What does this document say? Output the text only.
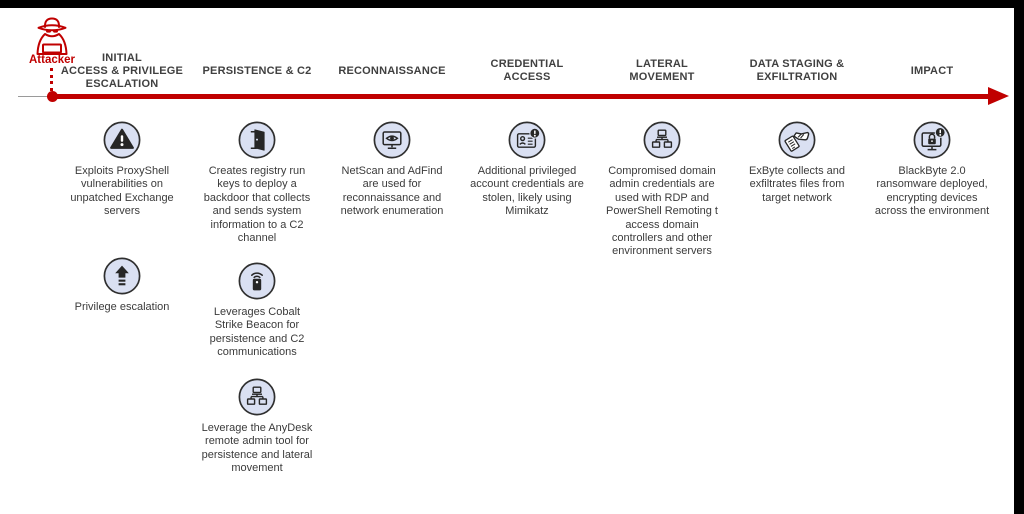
Attacker	INITIAL
ACCESS & PRIVILEGE
ESCALATION
PERSISTENCE & C2 RECONNAISSANCE
CREDENTIAL
ACCESS
LATERAL
MOVEMENT
DATA STAGING &
EXFILTRATION
IMPACT
Exploits ProxyShell vulnerabilities on unpatched Exchange servers
Privilege escalation
Creates registry run keys to deploy a backdoor that collects and sends system information to a C2 channel
Leverages Cobalt Strike Beacon for persistence and C2 communications
Leverage the AnyDesk remote admin tool for persistence and lateral movement
NetScan and AdFind are used for reconnaissance and network enumeration
Additional privileged account credentials are stolen, likely using Mimikatz
Compromised domain admin credentials are used with RDP and PowerShell Remoting t access domain controllers and other environment servers
ExByte collects and exfiltrates files from target network
BlackByte 2.0 ransomware deployed, encrypting devices across the environment
